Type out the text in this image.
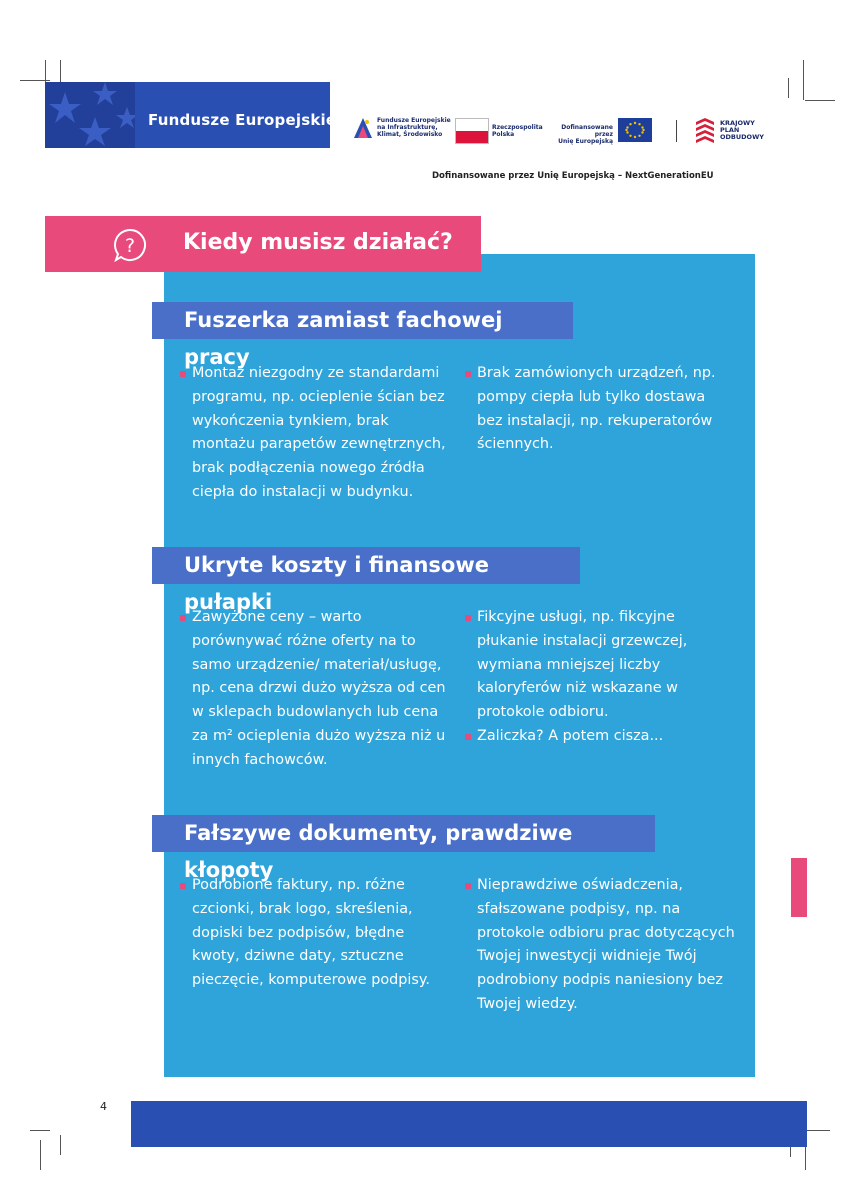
Fundusze Europejskie	Fundusze Europejskie
na Infrastrukturę,
Klimat, Środowisko
Rzeczpospolita
Polska
Dofinansowane przez
Unię Europejską
KRAJOWY
PLAN
ODBUDOWY
Dofinansowane przez Unię Europejską – NextGenerationEU
? Kiedy musisz działać?
Fuszerka zamiast fachowej pracy

Montaż niezgodny ze standardami programu, np. ocieplenie ścian bez wykończenia tynkiem, brak montażu parapetów zewnętrznych, brak podłączenia nowego źródła ciepła do instalacji w budynku.

Brak zamówionych urządzeń, np. pompy ciepła lub tylko dostawa bez instalacji, np. rekuperatorów ściennych.

Ukryte koszty i finansowe pułapki

Zawyżone ceny – warto porównywać różne oferty na to samo urządzenie/ materiał/usługę, np. cena drzwi dużo wyższa od cen w sklepach budowlanych lub cena za m² ocieplenia dużo wyższa niż u innych fachowców.

Fikcyjne usługi, np. fikcyjne płukanie instalacji grzewczej, wymiana mniejszej liczby kaloryferów niż wskazane w protokole odbioru.

Zaliczka? A potem cisza...

Fałszywe dokumenty, prawdziwe kłopoty

Podrobione faktury, np. różne czcionki, brak logo, skreślenia, dopiski bez podpisów, błędne kwoty, dziwne daty, sztuczne pieczęcie, komputerowe podpisy.

Nieprawdziwe oświadczenia, sfałszowane podpisy, np. na protokole odbioru prac dotyczących Twojej inwestycji widnieje Twój podrobiony podpis naniesiony bez Twojej wiedzy.

4
